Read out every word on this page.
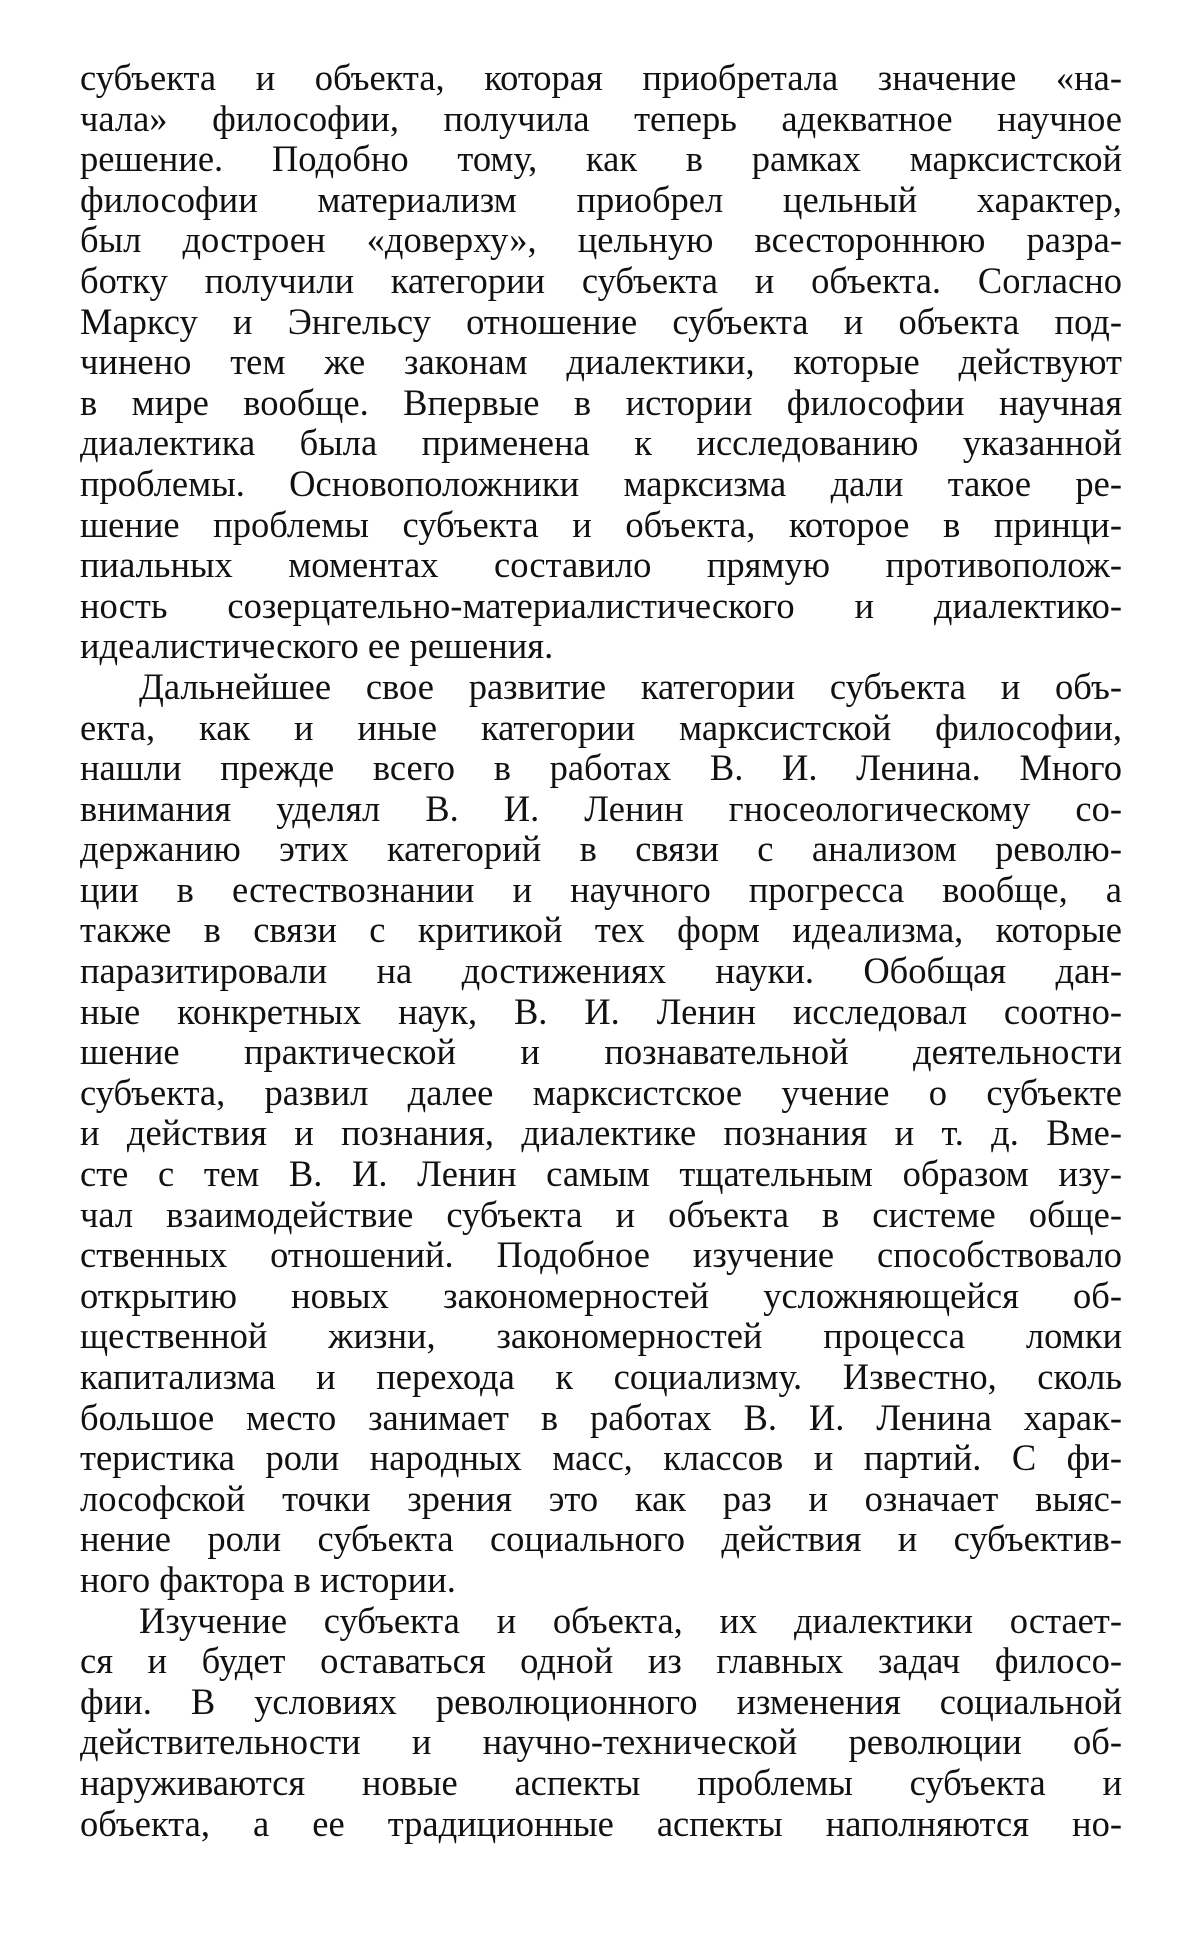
субъекта и объекта, которая приобретала значение «на-
чала» философии, получила теперь адекватное научное
решение. Подобно тому, как в рамках марксистской
философии материализм приобрел цельный характер,
был достроен «доверху», цельную всестороннюю разра-
ботку получили категории субъекта и объекта. Согласно
Марксу и Энгельсу отношение субъекта и объекта под-
чинено тем же законам диалектики, которые действуют
в мире вообще. Впервые в истории философии научная
диалектика была применена к исследованию указанной
проблемы. Основоположники марксизма дали такое ре-
шение проблемы субъекта и объекта, которое в принци-
пиальных моментах составило прямую противополож-
ность созерцательно-материалистического и диалектико-
идеалистического ее решения.
Дальнейшее свое развитие категории субъекта и объ-
екта, как и иные категории марксистской философии,
нашли прежде всего в работах В. И. Ленина. Много
внимания уделял В. И. Ленин гносеологическому со-
держанию этих категорий в связи с анализом револю-
ции в естествознании и научного прогресса вообще, а
также в связи с критикой тех форм идеализма, которые
паразитировали на достижениях науки. Обобщая дан-
ные конкретных наук, В. И. Ленин исследовал соотно-
шение практической и познавательной деятельности
субъекта, развил далее марксистское учение о субъекте
и действия и познания, диалектике познания и т. д. Вме-
сте с тем В. И. Ленин самым тщательным образом изу-
чал взаимодействие субъекта и объекта в системе обще-
ственных отношений. Подобное изучение способствовало
открытию новых закономерностей усложняющейся об-
щественной жизни, закономерностей процесса ломки
капитализма и перехода к социализму. Известно, сколь
большое место занимает в работах В. И. Ленина харак-
теристика роли народных масс, классов и партий. С фи-
лософской точки зрения это как раз и означает выяс-
нение роли субъекта социального действия и субъектив-
ного фактора в истории.
Изучение субъекта и объекта, их диалектики остает-
ся и будет оставаться одной из главных задач филосо-
фии. В условиях революционного изменения социальной
действительности и научно-технической революции об-
наруживаются новые аспекты проблемы субъекта и
объекта, а ее традиционные аспекты наполняются но-
